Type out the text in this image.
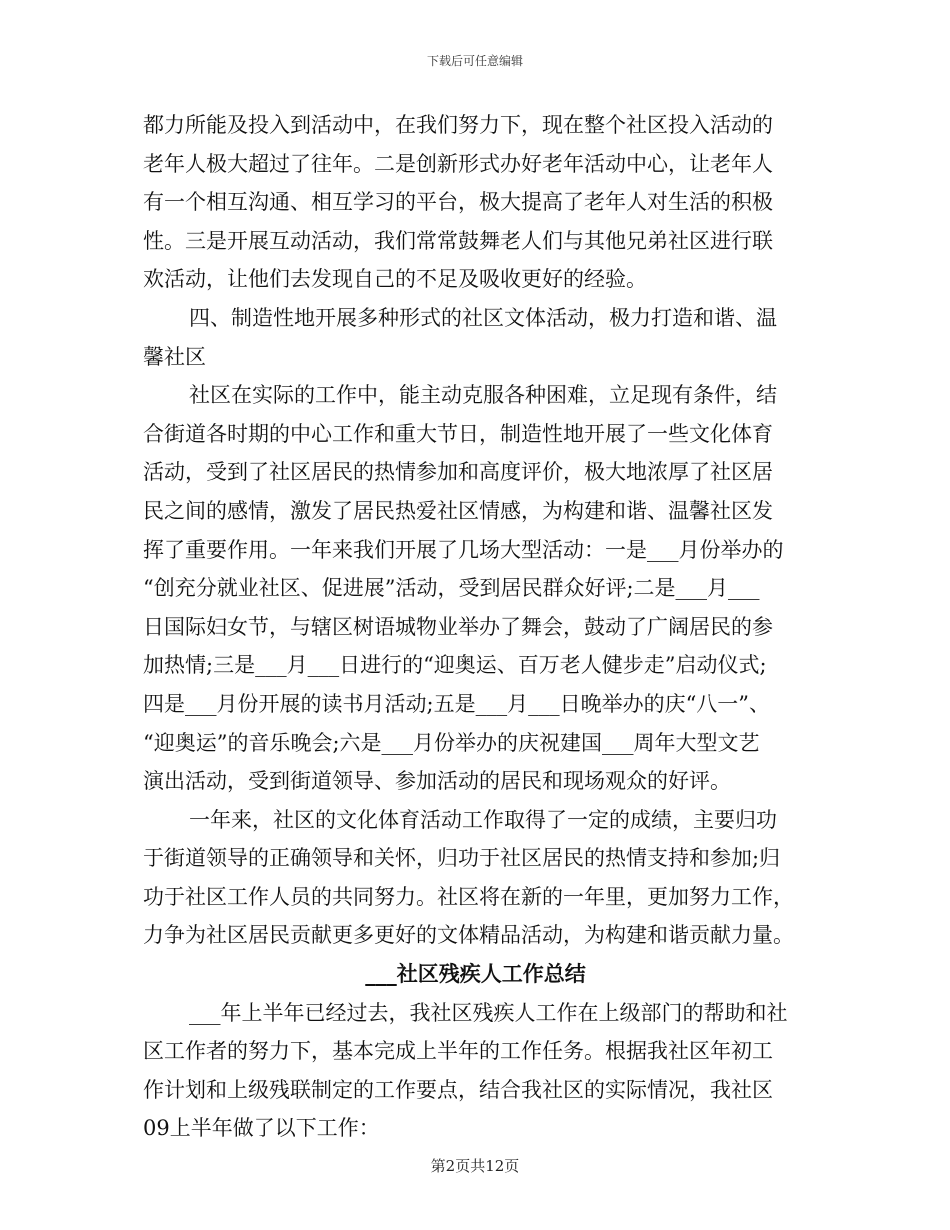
下载后可任意编辑

都力所能及投入到活动中，在我们努力下，现在整个社区投入活动的
老年人极大超过了往年。二是创新形式办好老年活动中心，让老年人
有一个相互沟通、相互学习的平台，极大提高了老年人对生活的积极
性。三是开展互动活动，我们常常鼓舞老人们与其他兄弟社区进行联
欢活动，让他们去发现自己的不足及吸收更好的经验。

四、制造性地开展多种形式的社区文体活动，极力打造和谐、温
馨社区

社区在实际的工作中，能主动克服各种困难，立足现有条件，结
合街道各时期的中心工作和重大节日，制造性地开展了一些文化体育
活动，受到了社区居民的热情参加和高度评价，极大地浓厚了社区居
民之间的感情，激发了居民热爱社区情感，为构建和谐、温馨社区发
挥了重要作用。一年来我们开展了几场大型活动：一是___月份举办的
“创充分就业社区、促进展”活动，受到居民群众好评;二是___月___
日国际妇女节，与辖区树语城物业举办了舞会，鼓动了广阔居民的参
加热情;三是___月___日进行的“迎奥运、百万老人健步走”启动仪式;
四是___月份开展的读书月活动;五是___月___日晚举办的庆“八一”、
“迎奥运”的音乐晚会;六是___月份举办的庆祝建国___周年大型文艺
演出活动，受到街道领导、参加活动的居民和现场观众的好评。

一年来，社区的文化体育活动工作取得了一定的成绩，主要归功
于街道领导的正确领导和关怀，归功于社区居民的热情支持和参加;归
功于社区工作人员的共同努力。社区将在新的一年里，更加努力工作，
力争为社区居民贡献更多更好的文体精品活动，为构建和谐贡献力量。

___社区残疾人工作总结

___年上半年已经过去，我社区残疾人工作在上级部门的帮助和社
区工作者的努力下，基本完成上半年的工作任务。根据我社区年初工
作计划和上级残联制定的工作要点，结合我社区的实际情况，我社区
09上半年做了以下工作：

第2页共12页
